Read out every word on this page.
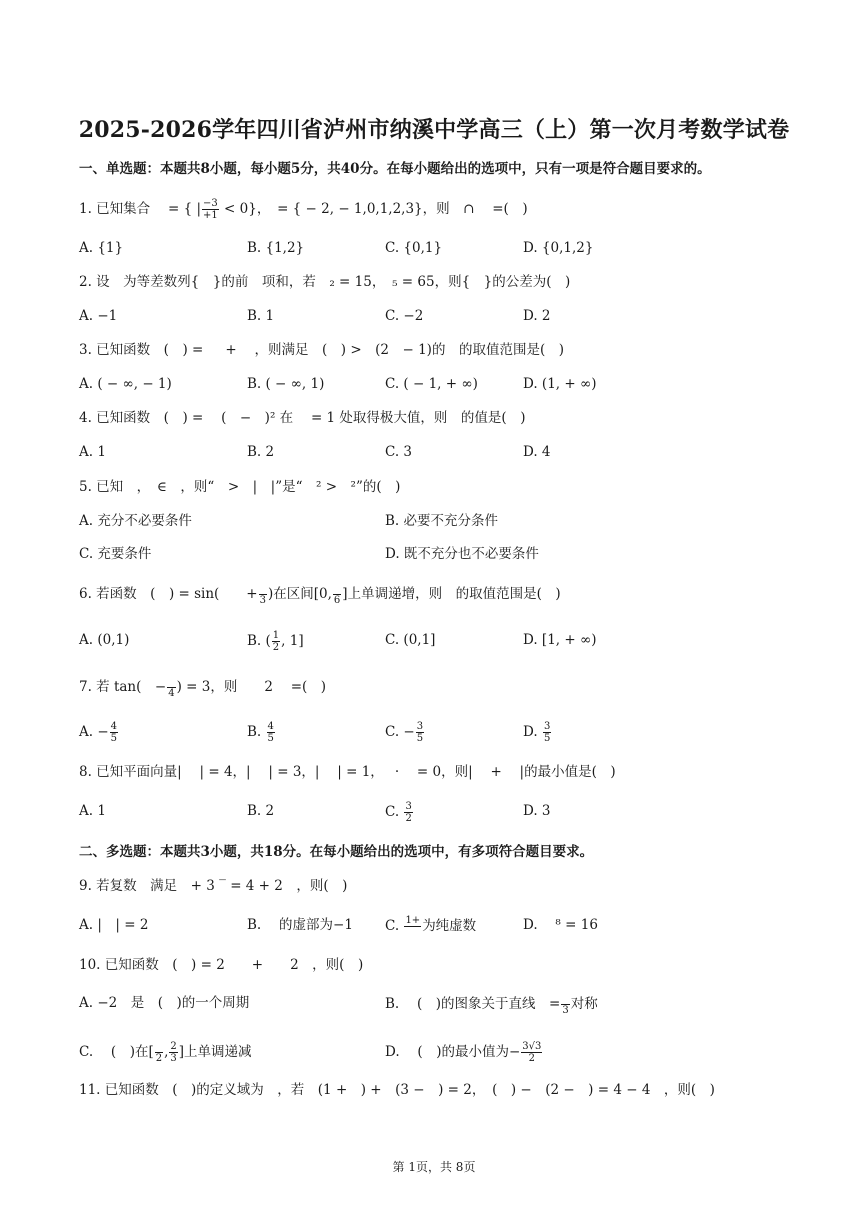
2025-2026学年四川省泸州市纳溪中学高三（上）第一次月考数学试卷
一、单选题：本题共8小题，每小题5分，共40分。在每小题给出的选项中，只有一项是符合题目要求的。
1. 已知集合 　= { | $\frac{-3}{+1} < 0$}，　= { − 2, − 1,0,1,2,3}，则　∩　 =(　)
A. {1}	B. {1,2}	C. {0,1}	D. {0,1,2}
2. 设　为等差数列{　}的前　项和，若　₂ = 15，　₅ = 65，则{　}的公差为(　)
A. −1	B. 1	C. −2	D. 2
3. 已知函数　(　) = 　 + 　，则满足　(　) >　(2　− 1)的　的取值范围是(　)
A. ( − ∞, − 1)	B. ( − ∞, 1)	C. ( − 1, + ∞)	D. (1, + ∞)
4. 已知函数　(　) = 　(　−　)² 在　 = 1 处取得极大值，则　的值是(　)
A. 1	B. 2	C. 3	D. 4
5. 已知　，　∈　，则“　>　|　|”是“　² >　²”的(　)
A. 充分不必要条件	B. 必要不充分条件
C. 充要条件	D. 既不充分也不必要条件
6. 若函数　(　) = sin(　　+
3 )在区间[0,
6 ]上单调递增，则　的取值范围是(　)
A. (0,1)	B. ( $\frac{1}{2}$ , 1]	C. (0,1]	D. [1, + ∞)
7. 若 tan(　−
4 ) = 3，则　　2　 =(　)
A. − $\frac{4}{5}$	B. $\frac{4}{5}$	C. − $\frac{3}{5}$	D. $\frac{3}{5}$
8. 已知平面向量|　 | = 4，|　 | = 3，|　 | = 1，　 ·　 = 0，则|　 +　 |的最小值是(　)
A. 1	B. 2	C. $\frac{3}{2}$	D. 3
二、多选题：本题共3小题，共18分。在每小题给出的选项中，有多项符合题目要求。
9. 若复数　满足　+ 3 ‾ = 4 + 2　，则(　)
A. |　| = 2	B. 　的虚部为−1 C. 1+
为纯虚数	D. 　⁸ = 16
10. 已知函数　(　) = 2　　+　　2　，则(　)
A. −2　是　(　)的一个周期	B. 　(　)的图象关于直线　=
3 对称
C. 　(　)在[
2 , $\frac{2}{3}$ ]上单调递减	D. 　(　)的最小值为− $\frac{3√3}{2}$
11. 已知函数　(　)的定义域为　，若　(1 +　) +　(3 −　) = 2，　(　) −　(2 −　) = 4 − 4　，则(　)
第 1页，共 8页
